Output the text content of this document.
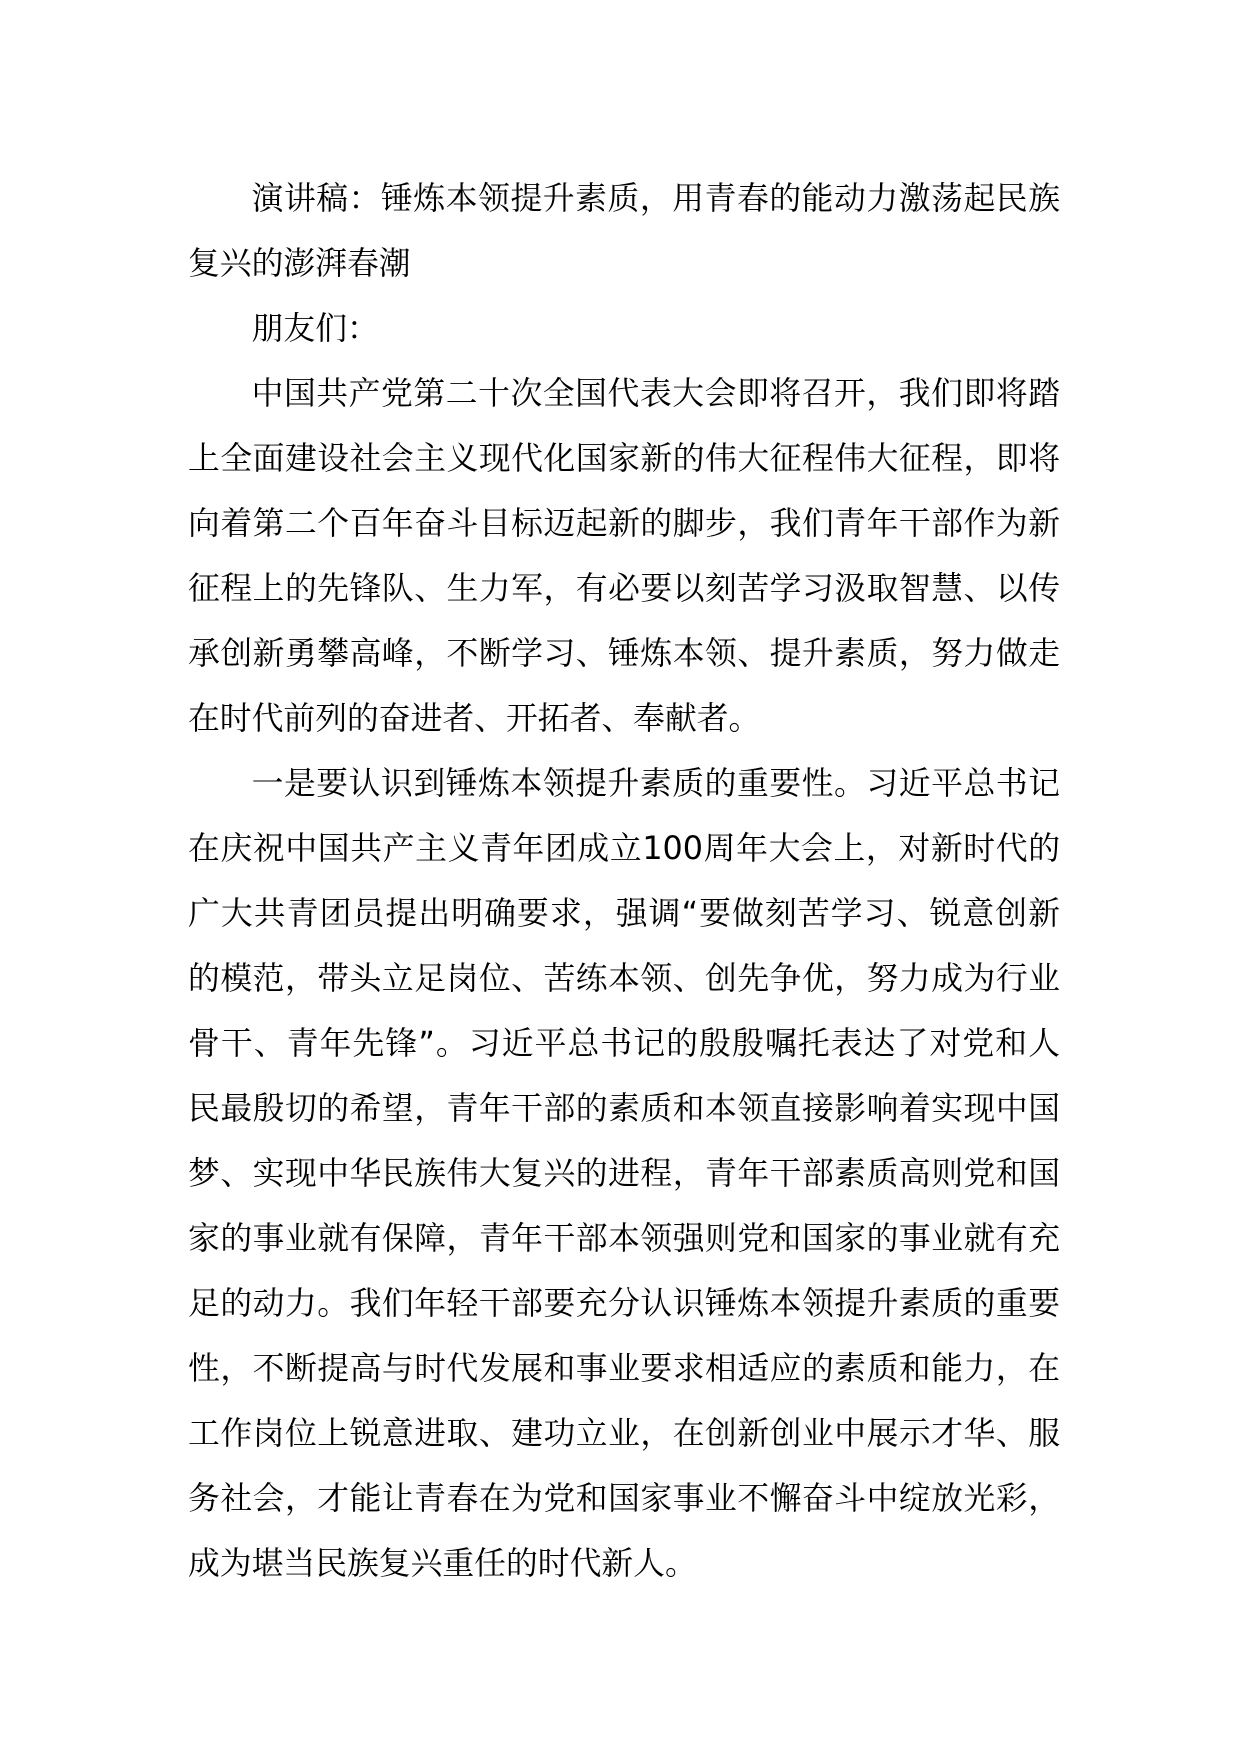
演讲稿：锤炼本领提升素质，用青春的能动力激荡起民族复兴的澎湃春潮

朋友们：

中国共产党第二十次全国代表大会即将召开，我们即将踏上全面建设社会主义现代化国家新的伟大征程伟大征程，即将向着第二个百年奋斗目标迈起新的脚步，我们青年干部作为新征程上的先锋队、生力军，有必要以刻苦学习汲取智慧、以传承创新勇攀高峰，不断学习、锤炼本领、提升素质，努力做走在时代前列的奋进者、开拓者、奉献者。

一是要认识到锤炼本领提升素质的重要性。习近平总书记在庆祝中国共产主义青年团成立100周年大会上，对新时代的广大共青团员提出明确要求，强调“要做刻苦学习、锐意创新的模范，带头立足岗位、苦练本领、创先争优，努力成为行业骨干、青年先锋”。习近平总书记的殷殷嘱托表达了对党和人民最殷切的希望，青年干部的素质和本领直接影响着实现中国梦、实现中华民族伟大复兴的进程，青年干部素质高则党和国家的事业就有保障，青年干部本领强则党和国家的事业就有充足的动力。我们年轻干部要充分认识锤炼本领提升素质的重要性，不断提高与时代发展和事业要求相适应的素质和能力，在工作岗位上锐意进取、建功立业，在创新创业中展示才华、服务社会，才能让青春在为党和国家事业不懈奋斗中绽放光彩，成为堪当民族复兴重任的时代新人。
